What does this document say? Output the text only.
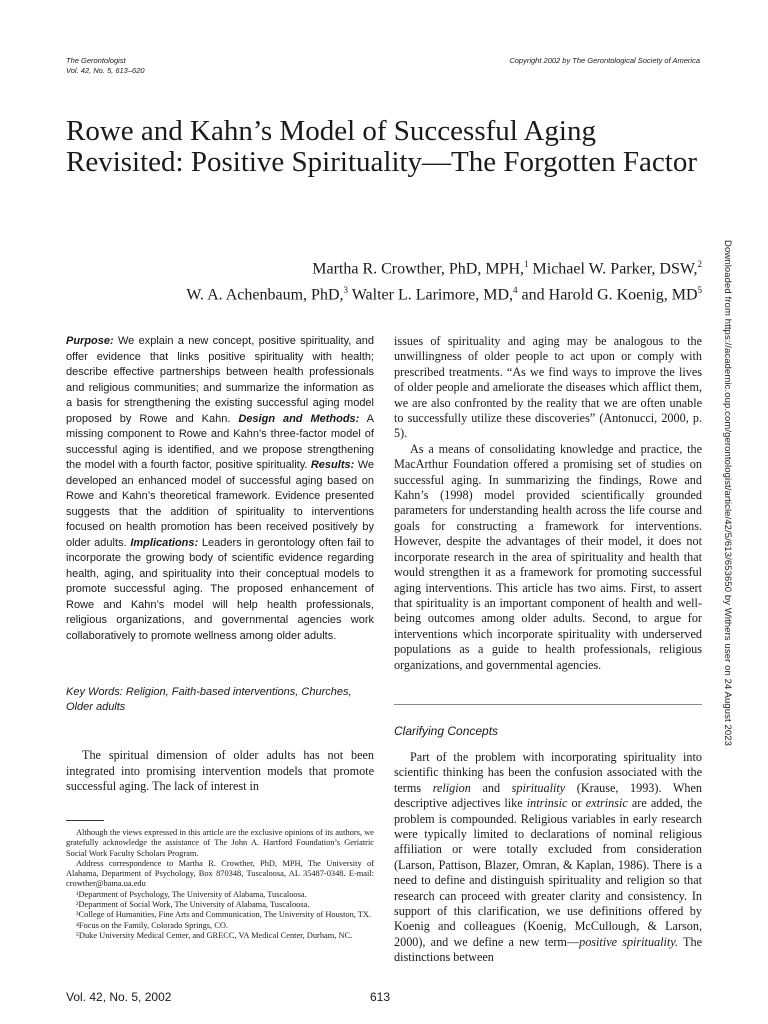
The Gerontologist
Vol. 42, No. 5, 613–620
Copyright 2002 by The Gerontological Society of America
Rowe and Kahn’s Model of Successful Aging Revisited: Positive Spirituality—The Forgotten Factor
Martha R. Crowther, PhD, MPH,$^1$ Michael W. Parker, DSW,$^2$
W. A. Achenbaum, PhD,$^3$ Walter L. Larimore, MD,$^4$ and Harold G. Koenig, $MD^5$ Downloaded from https://academic.oup.com/gerontologist/article/42/5/613/653650 by Withers user on 24 August 2023
Purpose: We explain a new concept, positive spirituality, and offer evidence that links positive spirituality with health; describe effective partnerships between health professionals and religious communities; and summarize the information as a basis for strengthening the existing successful aging model proposed by Rowe and Kahn. Design and Methods: A missing component to Rowe and Kahn’s three-factor model of successful aging is identified, and we propose strengthening the model with a fourth factor, positive spirituality. Results: We developed an enhanced model of successful aging based on Rowe and Kahn’s theoretical framework. Evidence presented suggests that the addition of spirituality to interventions focused on health promotion has been received positively by older adults. Implications: Leaders in gerontology often fail to incorporate the growing body of scientific evidence regarding health, aging, and spirituality into their conceptual models to promote successful aging. The proposed enhancement of Rowe and Kahn’s model will help health professionals, religious organizations, and governmental agencies work collaboratively to promote wellness among older adults.
Key Words: Religion, Faith-based interventions, Churches, Older adults
The spiritual dimension of older adults has not been integrated into promising intervention models that promote successful aging. The lack of interest in

Although the views expressed in this article are the exclusive opinions of its authors, we gratefully acknowledge the assistance of The John A. Hartford Foundation’s Geriatric Social Work Faculty Scholars Program.

Address correspondence to Martha R. Crowther, PhD, MPH, The University of Alabama, Department of Psychology, Box 870348, Tuscaloosa, AL 35487-0348. E-mail: crowther@bama.ua.edu

¹Department of Psychology, The University of Alabama, Tuscaloosa.

²Department of Social Work, The University of Alabama, Tuscaloosa.

³College of Humanities, Fine Arts and Communication, The University of Houston, TX.

⁴Focus on the Family, Colorado Springs, CO.

⁵Duke University Medical Center, and GRECC, VA Medical Center, Durham, NC.

issues of spirituality and aging may be analogous to the unwillingness of older people to act upon or comply with prescribed treatments. “As we find ways to improve the lives of older people and ameliorate the diseases which afflict them, we are also confronted by the reality that we are often unable to successfully utilize these discoveries” (Antonucci, 2000, p. 5).

As a means of consolidating knowledge and practice, the MacArthur Foundation offered a promising set of studies on successful aging. In summarizing the findings, Rowe and Kahn’s (1998) model provided scientifically grounded parameters for understanding health across the life course and goals for constructing a framework for interventions. However, despite the advantages of their model, it does not incorporate research in the area of spirituality and health that would strengthen it as a framework for promoting successful aging interventions. This article has two aims. First, to assert that spirituality is an important component of health and well-being outcomes among older adults. Second, to argue for interventions which incorporate spirituality with underserved populations as a guide to health professionals, religious organizations, and governmental agencies.

Clarifying Concepts

Part of the problem with incorporating spirituality into scientific thinking has been the confusion associated with the terms religion and spirituality (Krause, 1993). When descriptive adjectives like intrinsic or extrinsic are added, the problem is compounded. Religious variables in early research were typically limited to declarations of nominal religious affiliation or were totally excluded from consideration (Larson, Pattison, Blazer, Omran, & Kaplan, 1986). There is a need to define and distinguish spirituality and religion so that research can proceed with greater clarity and consistency. In support of this clarification, we use definitions offered by Koenig and colleagues (Koenig, McCullough, & Larson, 2000), and we define a new term—positive spirituality. The distinctions between

Vol. 42, No. 5, 2002	613
